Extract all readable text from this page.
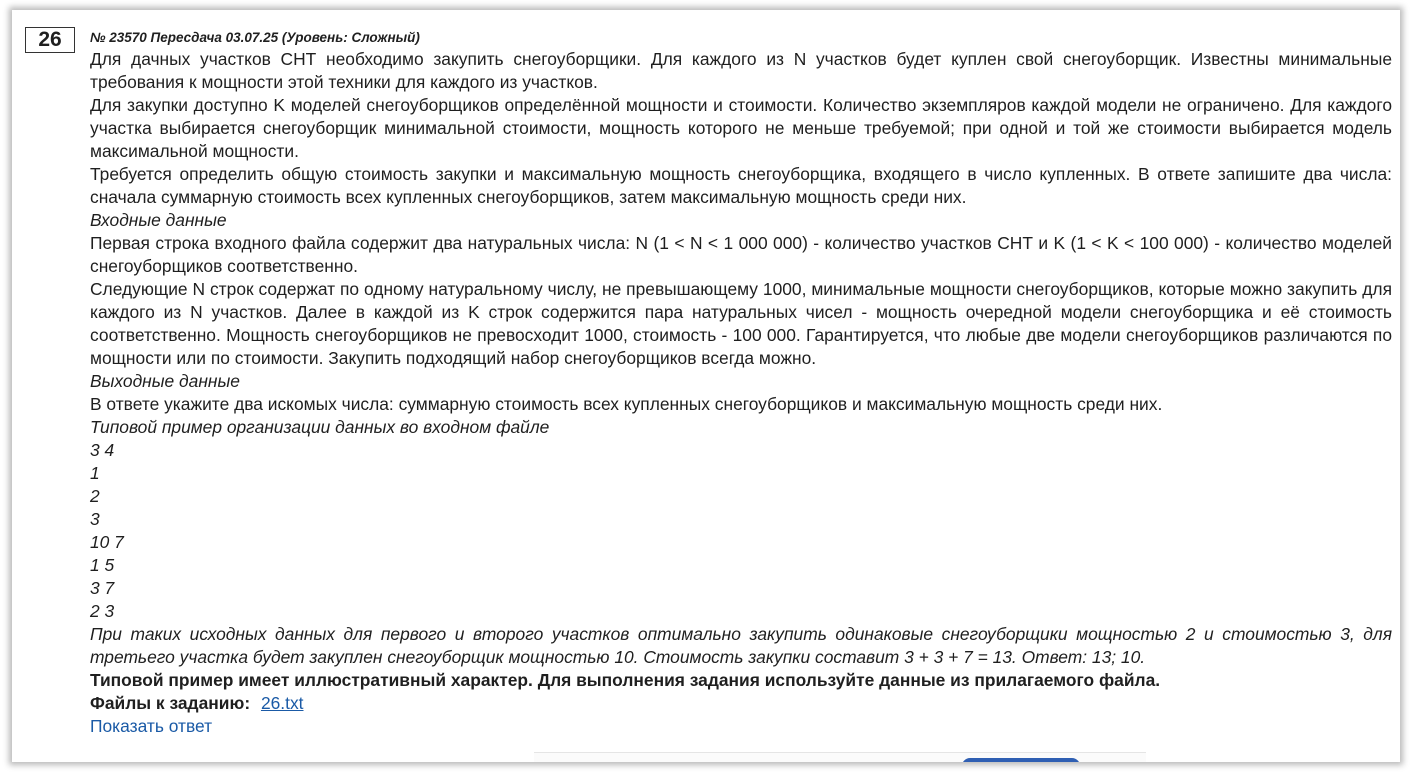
26	№ 23570 Пересдача 03.07.25 (Уровень: Сложный)

Для дачных участков СНТ необходимо закупить снегоуборщики. Для каждого из N участков будет куплен свой снегоуборщик. Известны минимальные требования к мощности этой техники для каждого из участков.

Для закупки доступно K моделей снегоуборщиков определённой мощности и стоимости. Количество экземпляров каждой модели не ограничено. Для каждого участка выбирается снегоуборщик минимальной стоимости, мощность которого не меньше требуемой; при одной и той же стоимости выбирается модель максимальной мощности.

Требуется определить общую стоимость закупки и максимальную мощность снегоуборщика, входящего в число купленных. В ответе запишите два числа: сначала суммарную стоимость всех купленных снегоуборщиков, затем максимальную мощность среди них.

Входные данные

Первая строка входного файла содержит два натуральных числа: N (1 < N < 1 000 000) - количество участков СНТ и K (1 < K < 100 000) - количество моделей снегоуборщиков соответственно.

Следующие N строк содержат по одному натуральному числу, не превышающему 1000, минимальные мощности снегоуборщиков, которые можно закупить для каждого из N участков. Далее в каждой из K строк содержится пара натуральных чисел - мощность очередной модели снегоуборщика и её стоимость соответственно. Мощность снегоуборщиков не превосходит 1000, стоимость - 100 000. Гарантируется, что любые две модели снегоуборщиков различаются по мощности или по стоимости. Закупить подходящий набор снегоуборщиков всегда можно.

Выходные данные

В ответе укажите два искомых числа: суммарную стоимость всех купленных снегоуборщиков и максимальную мощность среди них.

Типовой пример организации данных во входном файле
3 4
1
2
3
10 7
1 5
3 7
2 3

При таких исходных данных для первого и второго участков оптимально закупить одинаковые снегоуборщики мощностью 2 и стоимостью 3, для третьего участка будет закуплен снегоуборщик мощностью 10. Стоимость закупки составит 3 + 3 + 7 = 13. Ответ: 13; 10.

Типовой пример имеет иллюстративный характер. Для выполнения задания используйте данные из прилагаемого файла.
Файлы к заданию: 26.txt
Показать ответ
